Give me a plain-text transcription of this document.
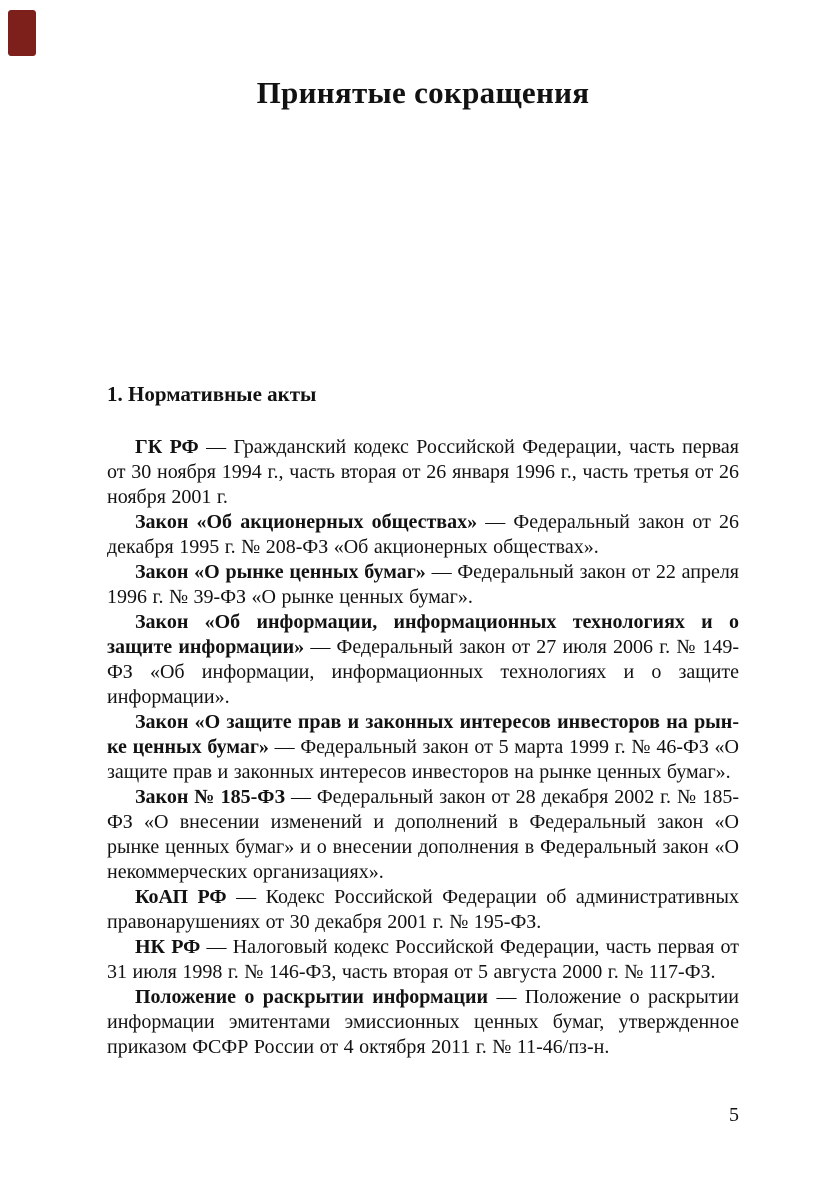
Принятые сокращения
1. Нормативные акты

ГК РФ — Гражданский кодекс Российской Федерации, часть первая от 30 ноября 1994 г., часть вторая от 26 января 1996 г., часть третья от 26 ноября 2001 г.

Закон «Об акционерных обществах» — Федеральный закон от 26 декабря 1995 г. № 208-ФЗ «Об акционерных обществах».

Закон «О рынке ценных бумаг» — Федеральный закон от 22 апреля 1996 г. № 39-ФЗ «О рынке ценных бумаг».

Закон «Об информации, информационных технологиях и о защите информации» — Федеральный закон от 27 июля 2006 г. № 149-ФЗ «Об информации, информационных технологиях и о защите информации».

Закон «О защите прав и законных интересов инвесторов на рынке ценных бумаг» — Федеральный закон от 5 марта 1999 г. № 46-ФЗ «О защите прав и законных интересов инвесторов на рынке ценных бумаг».

Закон № 185-ФЗ — Федеральный закон от 28 декабря 2002 г. № 185-ФЗ «О внесении изменений и дополнений в Федеральный закон «О рынке ценных бумаг» и о внесении дополнения в Федеральный закон «О некоммерческих организациях».

КоАП РФ — Кодекс Российской Федерации об административных правонарушениях от 30 декабря 2001 г. № 195-ФЗ.

НК РФ — Налоговый кодекс Российской Федерации, часть первая от 31 июля 1998 г. № 146-ФЗ, часть вторая от 5 августа 2000 г. № 117-ФЗ.

Положение о раскрытии информации — Положение о раскрытии информации эмитентами эмиссионных ценных бумаг, утвержденное приказом ФСФР России от 4 октября 2011 г. № 11-46/пз-н.

5
